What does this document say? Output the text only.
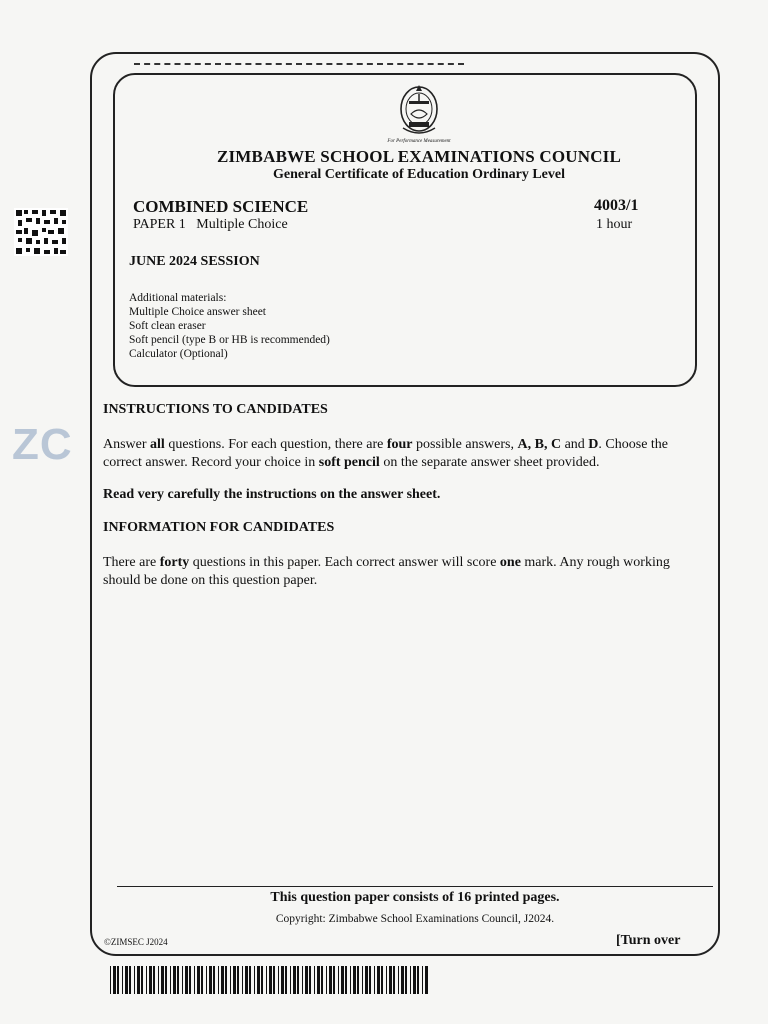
For Performance Measurement
ZIMBABWE SCHOOL EXAMINATIONS COUNCIL
General Certificate of Education Ordinary Level
COMBINED SCIENCE
PAPER 1   Multiple Choice
4003/1
1 hour
JUNE 2024 SESSION
Additional materials:
Multiple Choice answer sheet
Soft clean eraser
Soft pencil (type B or HB is recommended)
Calculator (Optional)
INSTRUCTIONS TO CANDIDATES
Answer all questions. For each question, there are four possible answers, A, B, C and D. Choose the correct answer. Record your choice in soft pencil on the separate answer sheet provided.
Read very carefully the instructions on the answer sheet.
INFORMATION FOR CANDIDATES
There are forty questions in this paper. Each correct answer will score one mark. Any rough working should be done on this question paper.
This question paper consists of 16 printed pages.
Copyright: Zimbabwe School Examinations Council, J2024.
©ZIMSEC J2024	[Turn over
ZC
